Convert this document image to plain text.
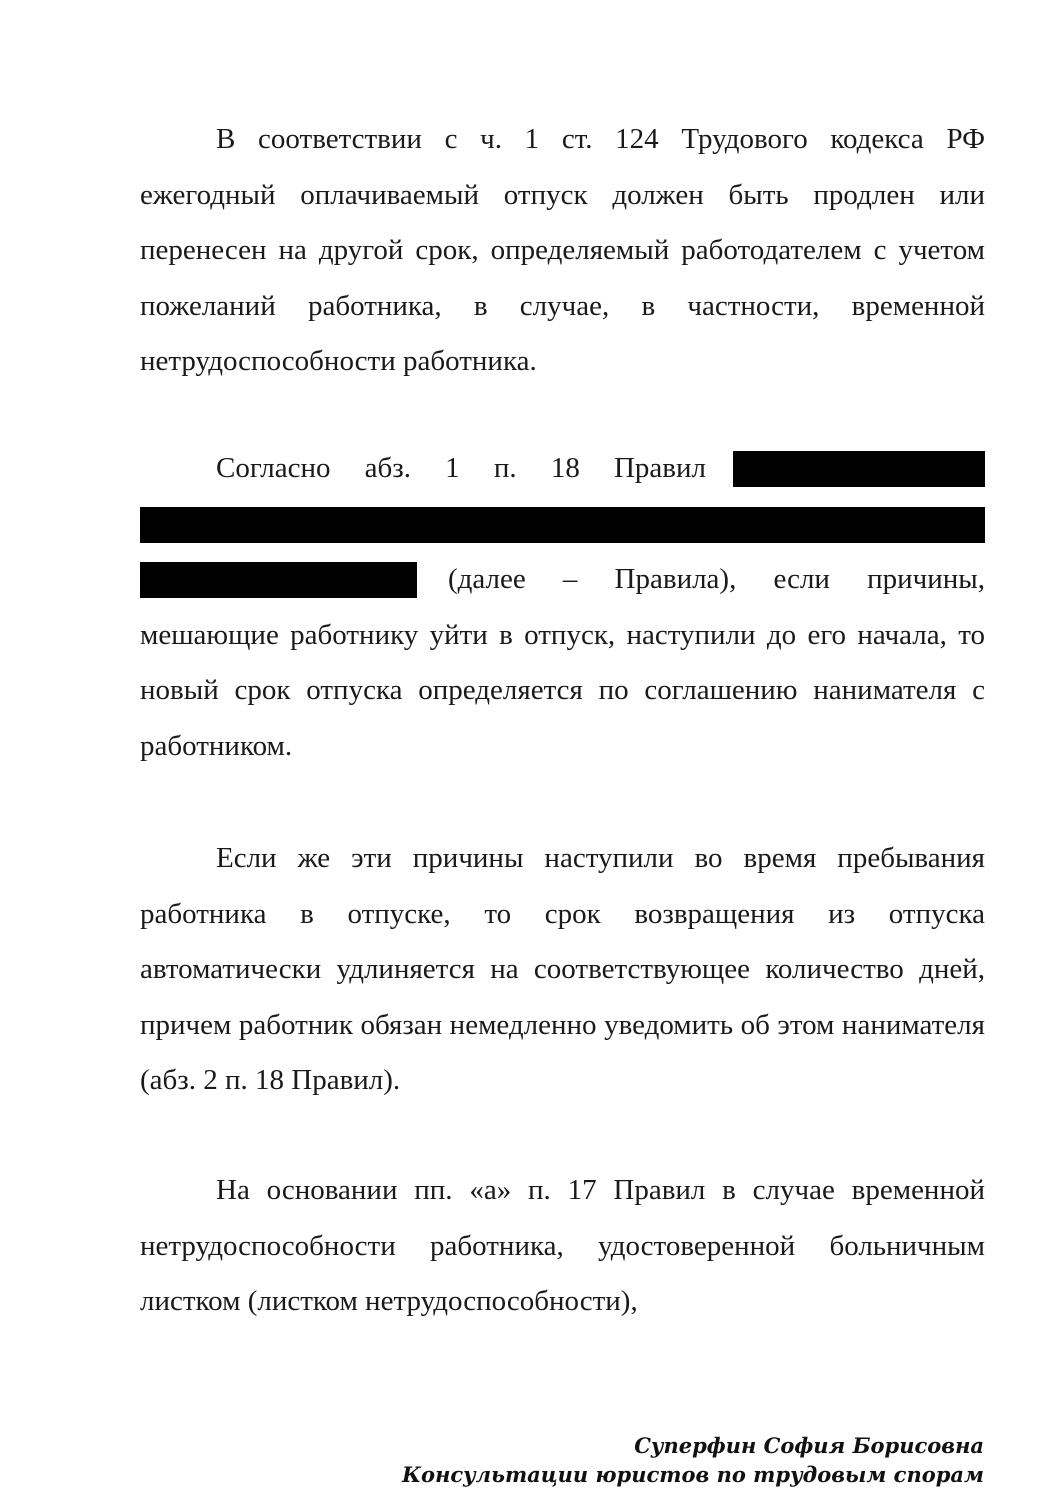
В соответствии с ч. 1 ст. 124 Трудового кодекса РФ ежегодный оплачиваемый отпуск должен быть продлен или перенесен на другой срок, определяемый работодателем с учетом пожеланий работника, в случае, в частности, временной нетрудоспособности работника.

Согласно абз. 1 п. 18 Правил
(далее – Правила), если причины,

мешающие работнику уйти в отпуск, наступили до его начала, то новый срок отпуска определяется по соглашению нанимателя с работником.

Если же эти причины наступили во время пребывания работника в отпуске, то срок возвращения из отпуска автоматически удлиняется на соответствующее количество дней, причем работник обязан немедленно уведомить об этом нанимателя (абз. 2 п. 18 Правил).

На основании пп. «а» п. 17 Правил в случае временной нетрудоспособности работника, удостоверенной больничным листком (листком нетрудоспособности),

Суперфин София Борисовна
Консультации юристов по трудовым спорам
